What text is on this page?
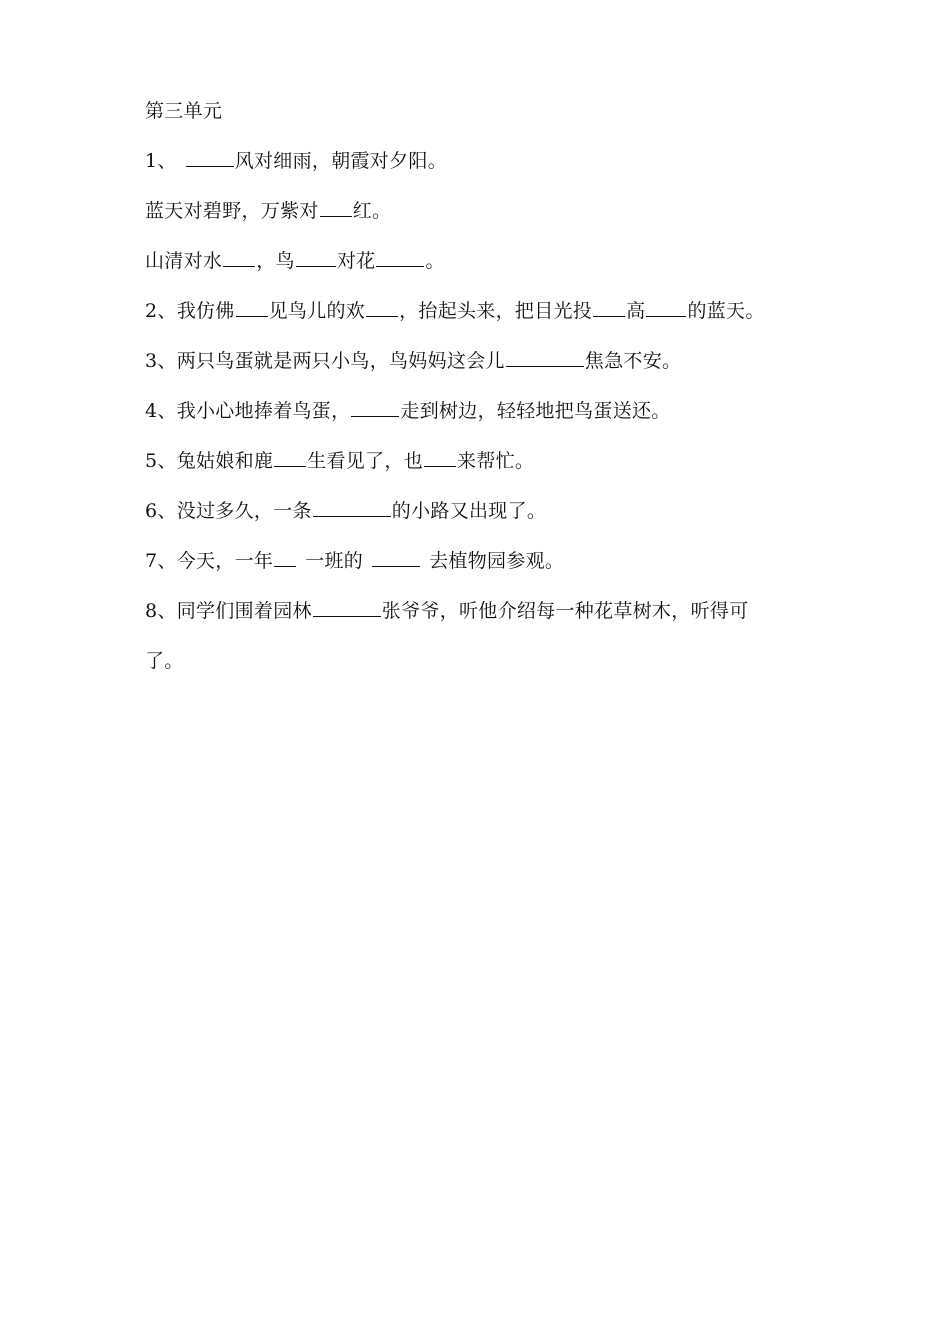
第三单元
1、	风对细雨，朝霞对夕阳。
蓝天对碧野，万紫对 红。
山清对水 ，鸟 对花	。
2、我仿佛 见鸟儿的欢 ，抬起头来，把目光投 高 的蓝天。
3、两只鸟蛋就是两只小鸟，鸟妈妈这会儿	焦急不安。
4、我小心地捧着鸟蛋，	走到树边，轻轻地把鸟蛋送还。
5、兔姑娘和鹿 生看见了，也 来帮忙。
6、没过多久，一条	的小路又出现了。
7、今天，一年 一班的	去植物园参观。
8、同学们围着园林	张爷爷，听他介绍每一种花草树木，听得可
了。
